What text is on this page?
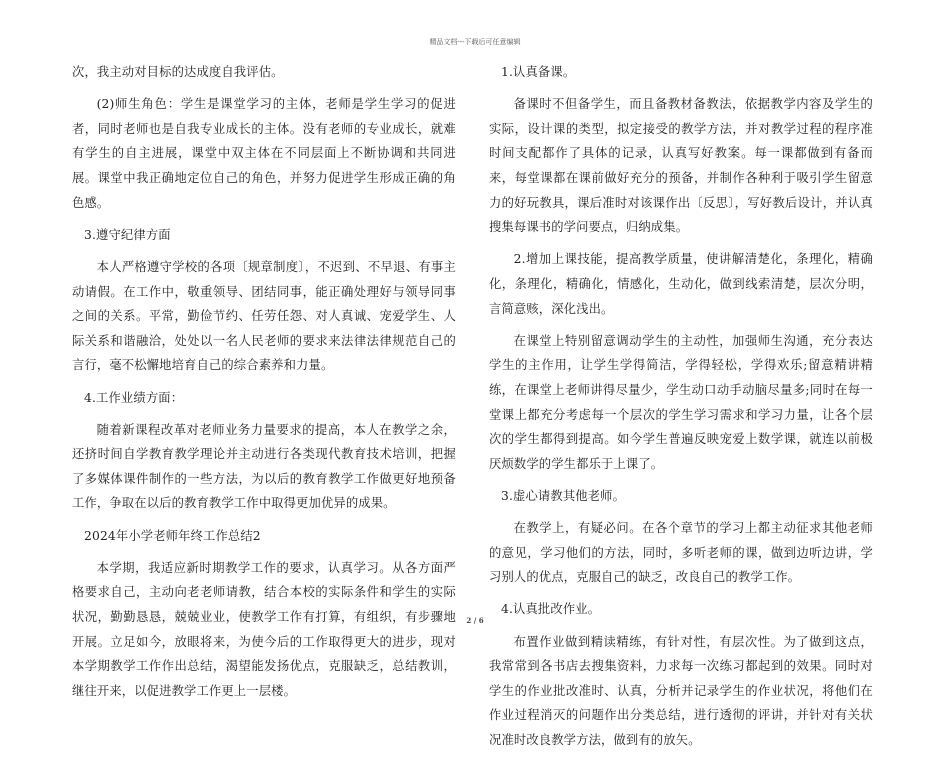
精品文档---下载后可任意编辑

次，我主动对目标的达成度自我评估。

(2)师生角色：学生是课堂学习的主体，老师是学生学习的促进者，同时老师也是自我专业成长的主体。没有老师的专业成长，就难有学生的自主进展，课堂中双主体在不同层面上不断协调和共同进展。课堂中我正确地定位自己的角色，并努力促进学生形成正确的角色感。

3.遵守纪律方面

本人严格遵守学校的各项〔规章制度〕，不迟到、不早退、有事主动请假。在工作中，敬重领导、团结同事，能正确处理好与领导同事之间的关系。平常，勤俭节约、任劳任怨、对人真诚、宠爱学生、人际关系和谐融洽，处处以一名人民老师的要求来法律法律规范自己的言行，毫不松懈地培育自己的综合素养和力量。

4.工作业绩方面：

随着新课程改革对老师业务力量要求的提高，本人在教学之余，还挤时间自学教育教学理论并主动进行各类现代教育技术培训，把握了多媒体课件制作的一些方法，为以后的教育教学工作做更好地预备工作，争取在以后的教育教学工作中取得更加优异的成果。

2024年小学老师年终工作总结2

本学期，我适应新时期教学工作的要求，认真学习。从各方面严格要求自己，主动向老老师请教，结合本校的实际条件和学生的实际状况，勤勤恳恳，兢兢业业，使教学工作有打算，有组织，有步骤地开展。立足如今，放眼将来，为使今后的工作取得更大的进步，现对本学期教学工作作出总结，渴望能发扬优点，克服缺乏，总结教训，继往开来，以促进教学工作更上一层楼。

1.认真备课。

备课时不但备学生，而且备教材备教法，依据教学内容及学生的实际，设计课的类型，拟定接受的教学方法，并对教学过程的程序准时间支配都作了具体的记录，认真写好教案。每一课都做到有备而来，每堂课都在课前做好充分的预备，并制作各种利于吸引学生留意力的好玩教具，课后准时对该课作出〔反思〕，写好教后设计，并认真搜集每课书的学问要点，归纳成集。

2.增加上课技能，提高教学质量，使讲解清楚化，条理化，精确化，条理化，精确化，情感化，生动化，做到线索清楚，层次分明，言简意赅，深化浅出。

在课堂上特别留意调动学生的主动性，加强师生沟通，充分表达学生的主作用，让学生学得简洁，学得轻松，学得欢乐;留意精讲精练，在课堂上老师讲得尽量少，学生动口动手动脑尽量多;同时在每一堂课上都充分考虑每一个层次的学生学习需求和学习力量，让各个层次的学生都得到提高。如今学生普遍反映宠爱上数学课，就连以前极厌烦数学的学生都乐于上课了。

3.虚心请教其他老师。

在教学上，有疑必问。在各个章节的学习上都主动征求其他老师的意见，学习他们的方法，同时，多听老师的课，做到边听边讲，学习别人的优点，克服自己的缺乏，改良自己的教学工作。

4.认真批改作业。

布置作业做到精读精练，有针对性，有层次性。为了做到这点，我常常到各书店去搜集资料，力求每一次练习都起到的效果。同时对学生的作业批改准时、认真，分析并记录学生的作业状况，将他们在作业过程消灭的问题作出分类总结，进行透彻的评讲，并针对有关状况准时改良教学方法，做到有的放矢。

2 / 6
